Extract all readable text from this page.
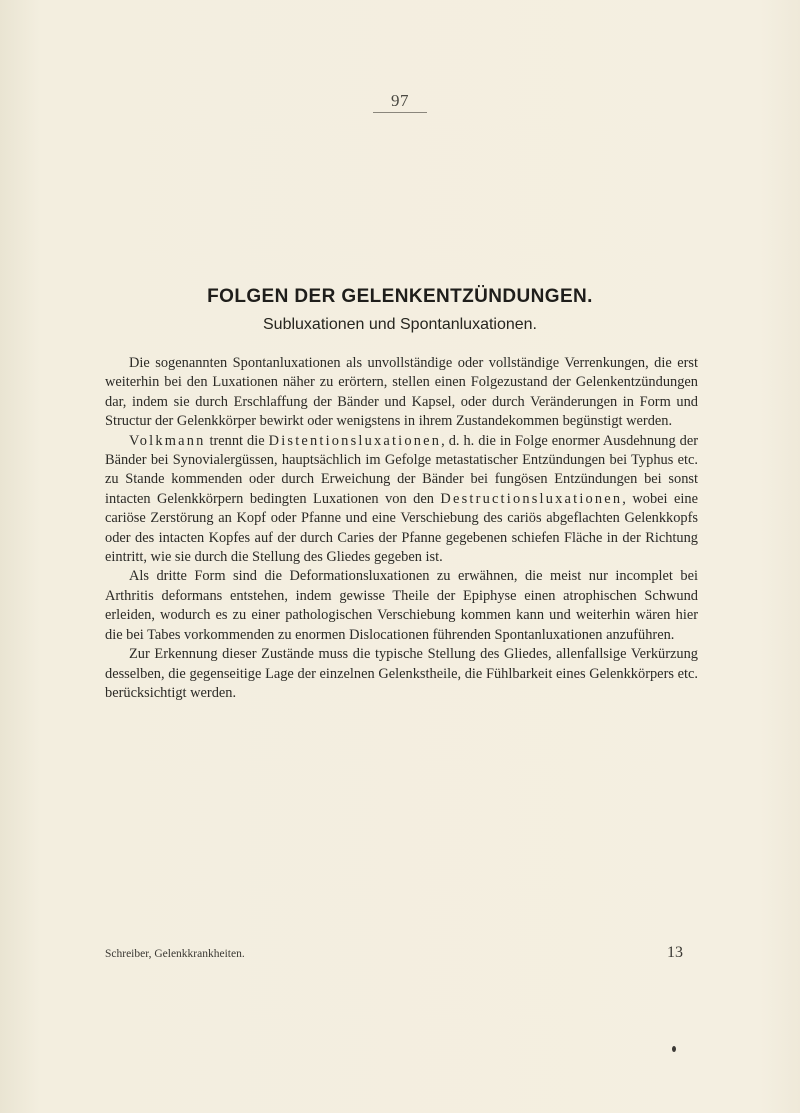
97
FOLGEN DER GELENKENTZÜNDUNGEN.
Subluxationen und Spontanluxationen.

Die sogenannten Spontanluxationen als unvollständige oder vollständige Verrenkungen, die erst weiterhin bei den Luxationen näher zu erörtern, stellen einen Folgezustand der Gelenkentzündungen dar, indem sie durch Erschlaffung der Bänder und Kapsel, oder durch Veränderungen in Form und Structur der Gelenkkörper bewirkt oder wenigstens in ihrem Zustandekommen begünstigt werden.

Volkmann trennt die Distentionsluxationen, d. h. die in Folge enormer Ausdehnung der Bänder bei Synovialergüssen, hauptsächlich im Gefolge metastatischer Entzündungen bei Typhus etc. zu Stande kommenden oder durch Erweichung der Bänder bei fungösen Entzündungen bei sonst intacten Gelenkkörpern bedingten Luxationen von den Destructionsluxationen, wobei eine cariöse Zerstörung an Kopf oder Pfanne und eine Verschiebung des cariös abgeflachten Gelenkkopfs oder des intacten Kopfes auf der durch Caries der Pfanne gegebenen schiefen Fläche in der Richtung eintritt, wie sie durch die Stellung des Gliedes gegeben ist.

Als dritte Form sind die Deformationsluxationen zu erwähnen, die meist nur incomplet bei Arthritis deformans entstehen, indem gewisse Theile der Epiphyse einen atrophischen Schwund erleiden, wodurch es zu einer pathologischen Verschiebung kommen kann und weiterhin wären hier die bei Tabes vorkommenden zu enormen Dislocationen führenden Spontanluxationen anzuführen.

Zur Erkennung dieser Zustände muss die typische Stellung des Gliedes, allenfallsige Verkürzung desselben, die gegenseitige Lage der einzelnen Gelenkstheile, die Fühlbarkeit eines Gelenkkörpers etc. berücksichtigt werden.

Schreiber, Gelenkkrankheiten.	13
